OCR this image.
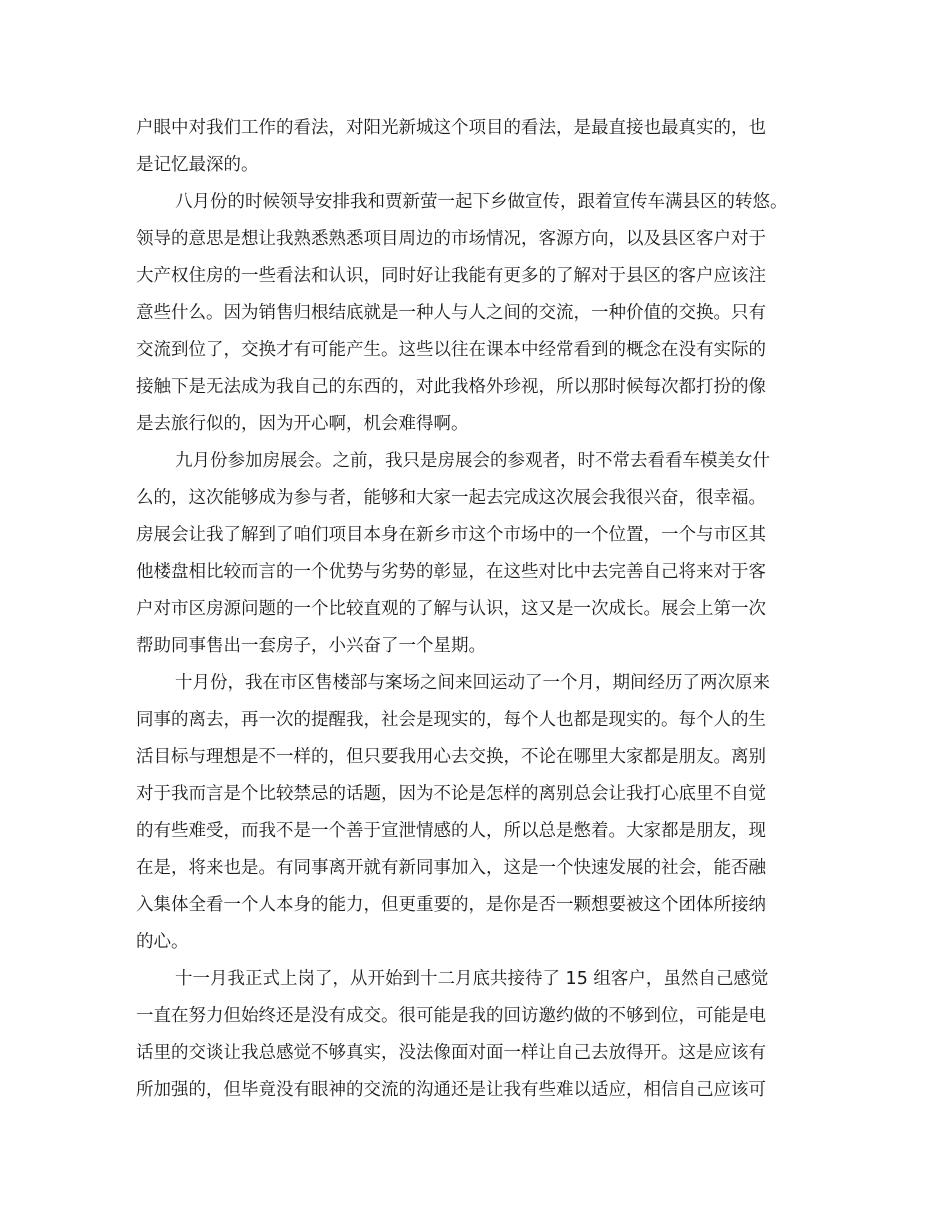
户眼中对我们工作的看法，对阳光新城这个项目的看法，是最直接也最真实的，也
是记忆最深的。
八月份的时候领导安排我和贾新萤一起下乡做宣传，跟着宣传车满县区的转悠。
领导的意思是想让我熟悉熟悉项目周边的市场情况，客源方向，以及县区客户对于
大产权住房的一些看法和认识，同时好让我能有更多的了解对于县区的客户应该注
意些什么。因为销售归根结底就是一种人与人之间的交流，一种价值的交换。只有
交流到位了，交换才有可能产生。这些以往在课本中经常看到的概念在没有实际的
接触下是无法成为我自己的东西的，对此我格外珍视，所以那时候每次都打扮的像
是去旅行似的，因为开心啊，机会难得啊。
九月份参加房展会。之前，我只是房展会的参观者，时不常去看看车模美女什
么的，这次能够成为参与者，能够和大家一起去完成这次展会我很兴奋，很幸福。
房展会让我了解到了咱们项目本身在新乡市这个市场中的一个位置，一个与市区其
他楼盘相比较而言的一个优势与劣势的彰显，在这些对比中去完善自己将来对于客
户对市区房源问题的一个比较直观的了解与认识，这又是一次成长。展会上第一次
帮助同事售出一套房子，小兴奋了一个星期。
十月份，我在市区售楼部与案场之间来回运动了一个月，期间经历了两次原来
同事的离去，再一次的提醒我，社会是现实的，每个人也都是现实的。每个人的生
活目标与理想是不一样的，但只要我用心去交换，不论在哪里大家都是朋友。离别
对于我而言是个比较禁忌的话题，因为不论是怎样的离别总会让我打心底里不自觉
的有些难受，而我不是一个善于宣泄情感的人，所以总是憋着。大家都是朋友，现
在是，将来也是。有同事离开就有新同事加入，这是一个快速发展的社会，能否融
入集体全看一个人本身的能力，但更重要的，是你是否一颗想要被这个团体所接纳
的心。
十一月我正式上岗了，从开始到十二月底共接待了 15 组客户，虽然自己感觉
一直在努力但始终还是没有成交。很可能是我的回访邀约做的不够到位，可能是电
话里的交谈让我总感觉不够真实，没法像面对面一样让自己去放得开。这是应该有
所加强的，但毕竟没有眼神的交流的沟通还是让我有些难以适应，相信自己应该可
